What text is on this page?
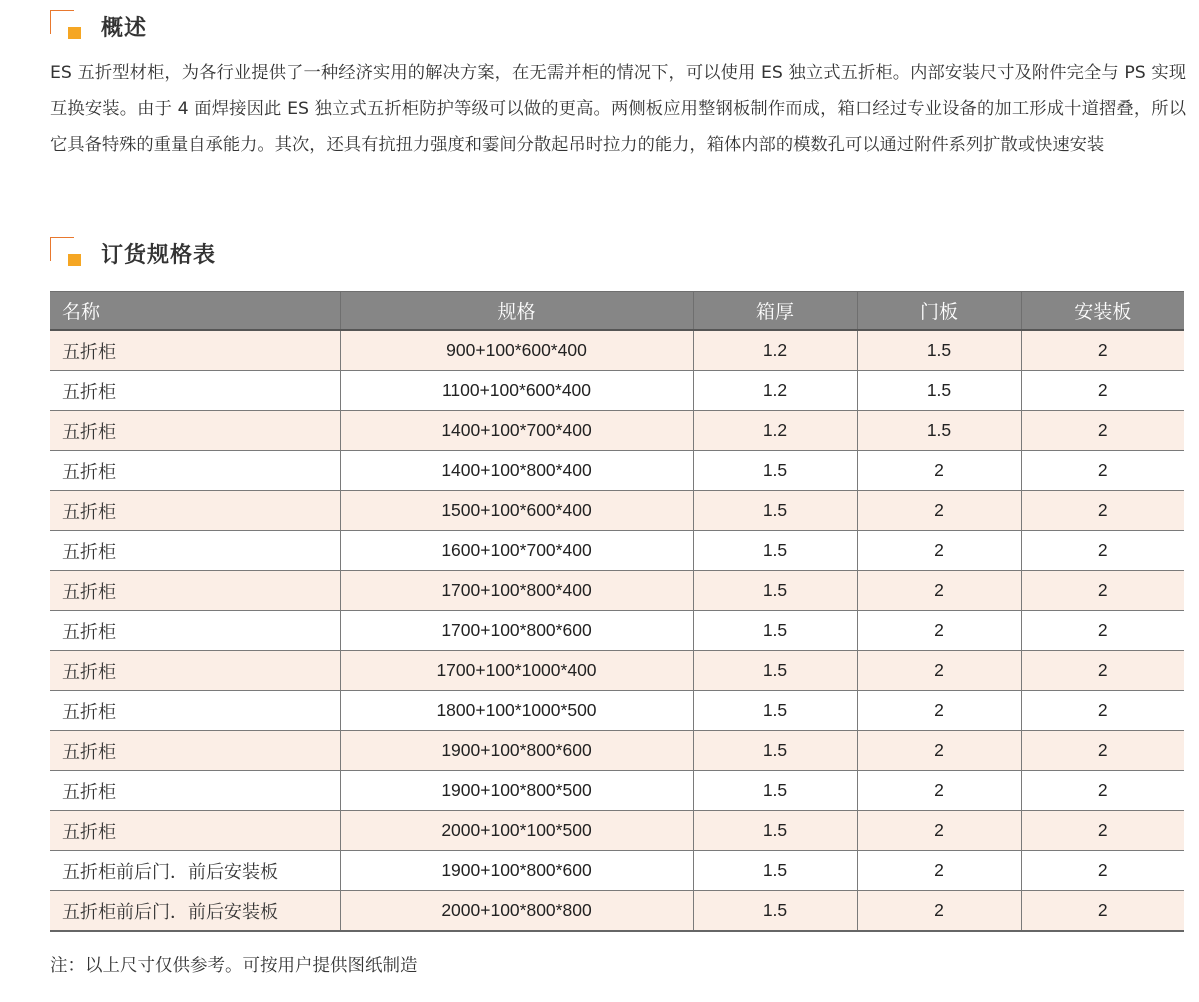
概述

ES 五折型材柜，为各行业提供了一种经济实用的解决方案，在无需并柜的情况下，可以使用 ES 独立式五折柜。内部安装尺寸及附件完全与 PS 实现互换安装。由于 4 面焊接因此 ES 独立式五折柜防护等级可以做的更高。两侧板应用整钢板制作而成，箱口经过专业设备的加工形成十道摺叠，所以它具备特殊的重量自承能力。其次，还具有抗扭力强度和霎间分散起吊时拉力的能力，箱体内部的模数孔可以通过附件系列扩散或快速安装

订货规格表
名称	规格	箱厚	门板	安装板
五折柜	900+100*600*400	1.2	1.5	2
五折柜	1100+100*600*400	1.2	1.5	2
五折柜	1400+100*700*400	1.2	1.5	2
五折柜	1400+100*800*400	1.5	2	2
五折柜	1500+100*600*400	1.5	2	2
五折柜	1600+100*700*400	1.5	2	2
五折柜	1700+100*800*400	1.5	2	2
五折柜	1700+100*800*600	1.5	2	2
五折柜	1700+100*1000*400	1.5	2	2
五折柜	1800+100*1000*500	1.5	2	2
五折柜	1900+100*800*600	1.5	2	2
五折柜	1900+100*800*500	1.5	2	2
五折柜	2000+100*100*500	1.5	2	2
五折柜前后门．前后安装板	1900+100*800*600	1.5	2	2
五折柜前后门．前后安装板	2000+100*800*800	1.5	2	2
注：以上尺寸仅供参考。可按用户提供图纸制造
